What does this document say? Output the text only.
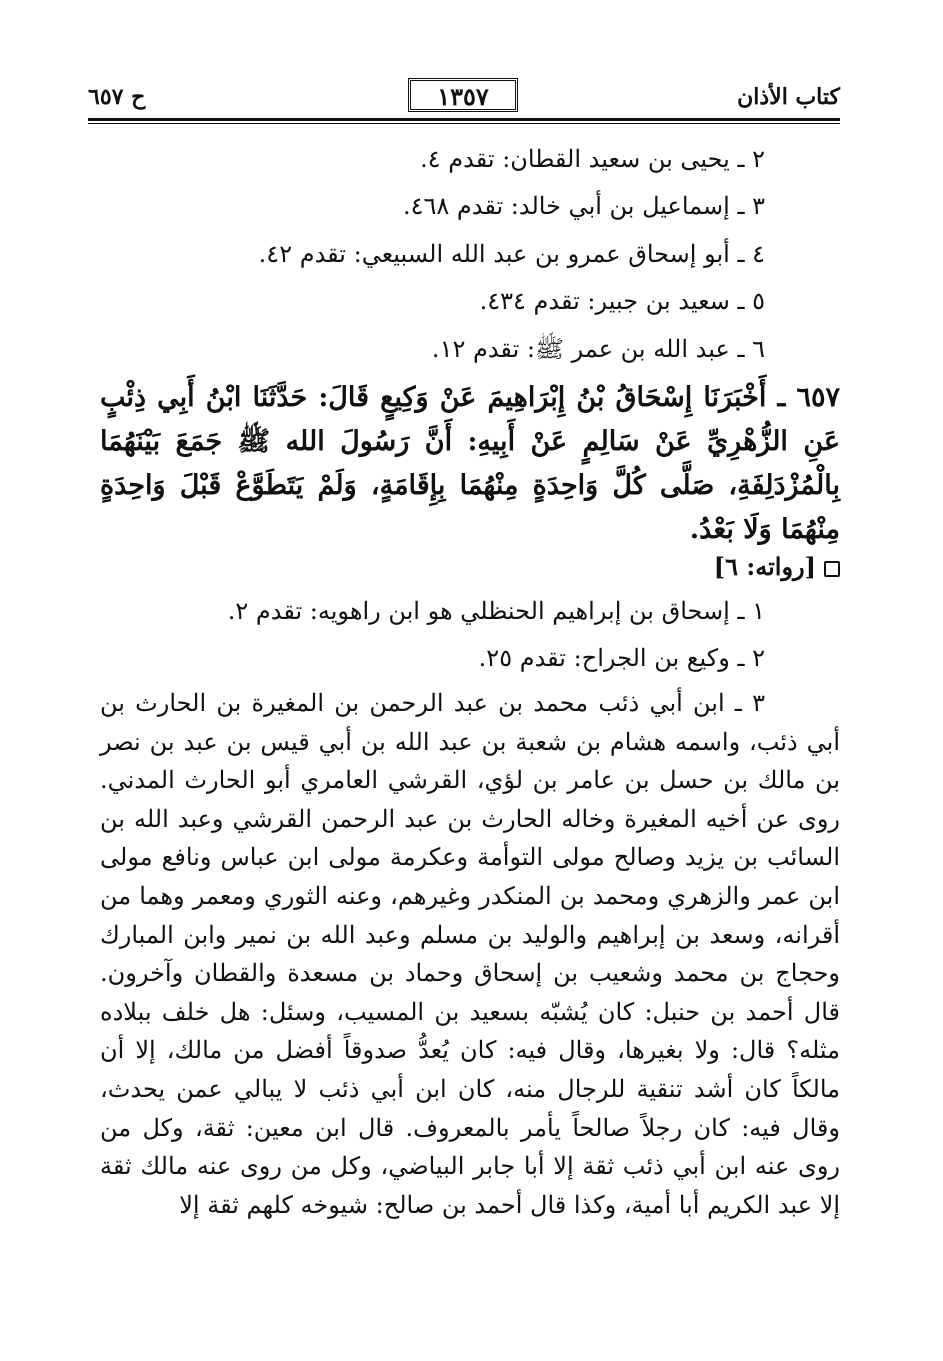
كتاب الأذان
١٣٥٧
ح ٦٥٧
٢ ـ يحيى بن سعيد القطان: تقدم ٤.
٣ ـ إسماعيل بن أبي خالد: تقدم ٤٦٨.
٤ ـ أبو إسحاق عمرو بن عبد الله السبيعي: تقدم ٤٢.
٥ ـ سعيد بن جبير: تقدم ٤٣٤.
٦ ـ عبد الله بن عمر ﷺ: تقدم ١٢.
٦٥٧ ـ أَخْبَرَنَا إِسْحَاقُ بْنُ إِبْرَاهِيمَ عَنْ وَكِيعٍ قَالَ: حَدَّثَنَا ابْنُ أَبِي ذِئْبٍ عَنِ الزُّهْرِيِّ عَنْ سَالِمٍ عَنْ أَبِيهِ: أَنَّ رَسُولَ الله ﷺ جَمَعَ بَيْنَهُمَا بِالْمُزْدَلِفَةِ، صَلَّى كُلَّ وَاحِدَةٍ مِنْهُمَا بِإِقَامَةٍ، وَلَمْ يَتَطَوَّعْ قَبْلَ وَاحِدَةٍ مِنْهُمَا وَلَا بَعْدُ.
[رواته: ٦]
١ ـ إسحاق بن إبراهيم الحنظلي هو ابن راهويه: تقدم ٢.
٢ ـ وكيع بن الجراح: تقدم ٢٥.
٣ ـ ابن أبي ذئب محمد بن عبد الرحمن بن المغيرة بن الحارث بن أبي ذئب، واسمه هشام بن شعبة بن عبد الله بن أبي قيس بن عبد بن نصر بن مالك بن حسل بن عامر بن لؤي، القرشي العامري أبو الحارث المدني. روى عن أخيه المغيرة وخاله الحارث بن عبد الرحمن القرشي وعبد الله بن السائب بن يزيد وصالح مولى التوأمة وعكرمة مولى ابن عباس ونافع مولى ابن عمر والزهري ومحمد بن المنكدر وغيرهم، وعنه الثوري ومعمر وهما من أقرانه، وسعد بن إبراهيم والوليد بن مسلم وعبد الله بن نمير وابن المبارك وحجاج بن محمد وشعيب بن إسحاق وحماد بن مسعدة والقطان وآخرون. قال أحمد بن حنبل: كان يُشبّه بسعيد بن المسيب، وسئل: هل خلف ببلاده مثله؟ قال: ولا بغيرها، وقال فيه: كان يُعدُّ صدوقاً أفضل من مالك، إلا أن مالكاً كان أشد تنقية للرجال منه، كان ابن أبي ذئب لا يبالي عمن يحدث، وقال فيه: كان رجلاً صالحاً يأمر بالمعروف. قال ابن معين: ثقة، وكل من روى عنه ابن أبي ذئب ثقة إلا أبا جابر البياضي، وكل من روى عنه مالك ثقة إلا عبد الكريم أبا أمية، وكذا قال أحمد بن صالح: شيوخه كلهم ثقة إلا
